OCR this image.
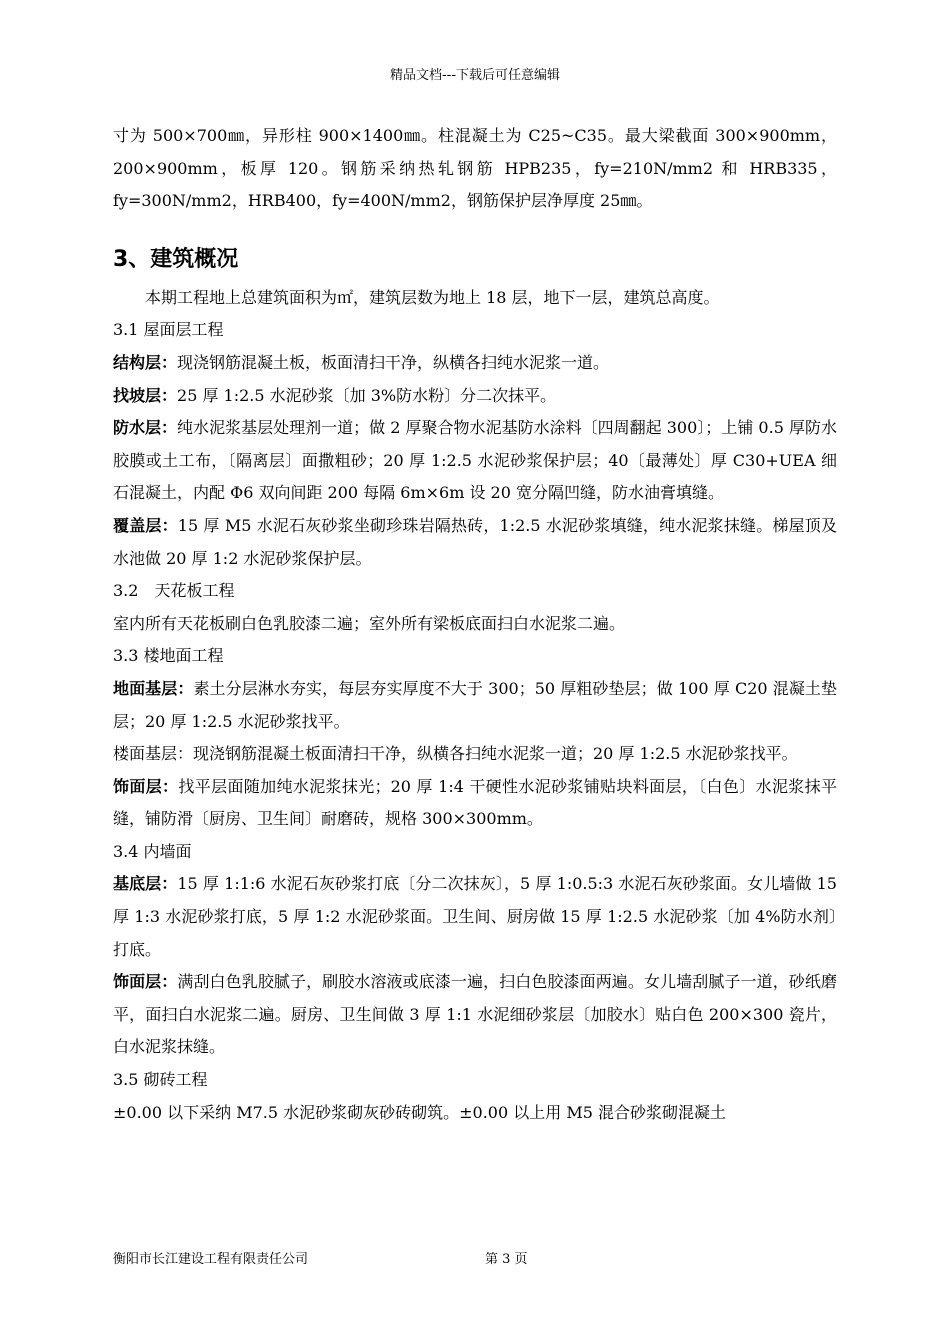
精品文档---下载后可任意编辑

寸为 500×700㎜，异形柱 900×1400㎜。柱混凝土为 C25~C35。最大梁截面 300×900mm，200×900mm，板厚 120。钢筋采纳热轧钢筋 HPB235，fy=210N/mm2 和 HRB335，fy=300N/mm2，HRB400，fy=400N/mm2，钢筋保护层净厚度 25㎜。

3、建筑概况

本期工程地上总建筑面积为㎡，建筑层数为地上 18 层，地下一层，建筑总高度。

3.1 屋面层工程

结构层：现浇钢筋混凝土板，板面清扫干净，纵横各扫纯水泥浆一道。

找坡层：25 厚 1:2.5 水泥砂浆〔加 3%防水粉〕分二次抹平。

防水层：纯水泥浆基层处理剂一道；做 2 厚聚合物水泥基防水涂料〔四周翻起 300〕；上铺 0.5 厚防水胶膜或土工布，〔隔离层〕面撒粗砂；20 厚 1:2.5 水泥砂浆保护层；40〔最薄处〕厚 C30+UEA 细石混凝土，内配 Φ6 双向间距 200 每隔 6m×6m 设 20 宽分隔凹缝，防水油膏填缝。

覆盖层：15 厚 M5 水泥石灰砂浆坐砌珍珠岩隔热砖，1:2.5 水泥砂浆填缝，纯水泥浆抹缝。梯屋顶及水池做 20 厚 1:2 水泥砂浆保护层。

3.2　天花板工程

室内所有天花板刷白色乳胶漆二遍；室外所有梁板底面扫白水泥浆二遍。

3.3 楼地面工程

地面基层：素土分层淋水夯实，每层夯实厚度不大于 300；50 厚粗砂垫层；做 100 厚 C20 混凝土垫层；20 厚 1:2.5 水泥砂浆找平。

楼面基层：现浇钢筋混凝土板面清扫干净，纵横各扫纯水泥浆一道；20 厚 1:2.5 水泥砂浆找平。

饰面层：找平层面随加纯水泥浆抹光；20 厚 1:4 干硬性水泥砂浆铺贴块料面层，〔白色〕水泥浆抹平缝，铺防滑〔厨房、卫生间〕耐磨砖，规格 300×300mm。

3.4 内墙面

基底层：15 厚 1:1:6 水泥石灰砂浆打底〔分二次抹灰〕，5 厚 1:0.5:3 水泥石灰砂浆面。女儿墙做 15 厚 1:3 水泥砂浆打底，5 厚 1:2 水泥砂浆面。卫生间、厨房做 15 厚 1:2.5 水泥砂浆〔加 4%防水剂〕打底。

饰面层：满刮白色乳胶腻子，刷胶水溶液或底漆一遍，扫白色胶漆面两遍。女儿墙刮腻子一道，砂纸磨平，面扫白水泥浆二遍。厨房、卫生间做 3 厚 1:1 水泥细砂浆层〔加胶水〕贴白色 200×300 瓷片，白水泥浆抹缝。

3.5 砌砖工程

±0.00 以下采纳 M7.5 水泥砂浆砌灰砂砖砌筑。±0.00 以上用 M5 混合砂浆砌混凝土

衡阳市长江建设工程有限责任公司	第 3 页
